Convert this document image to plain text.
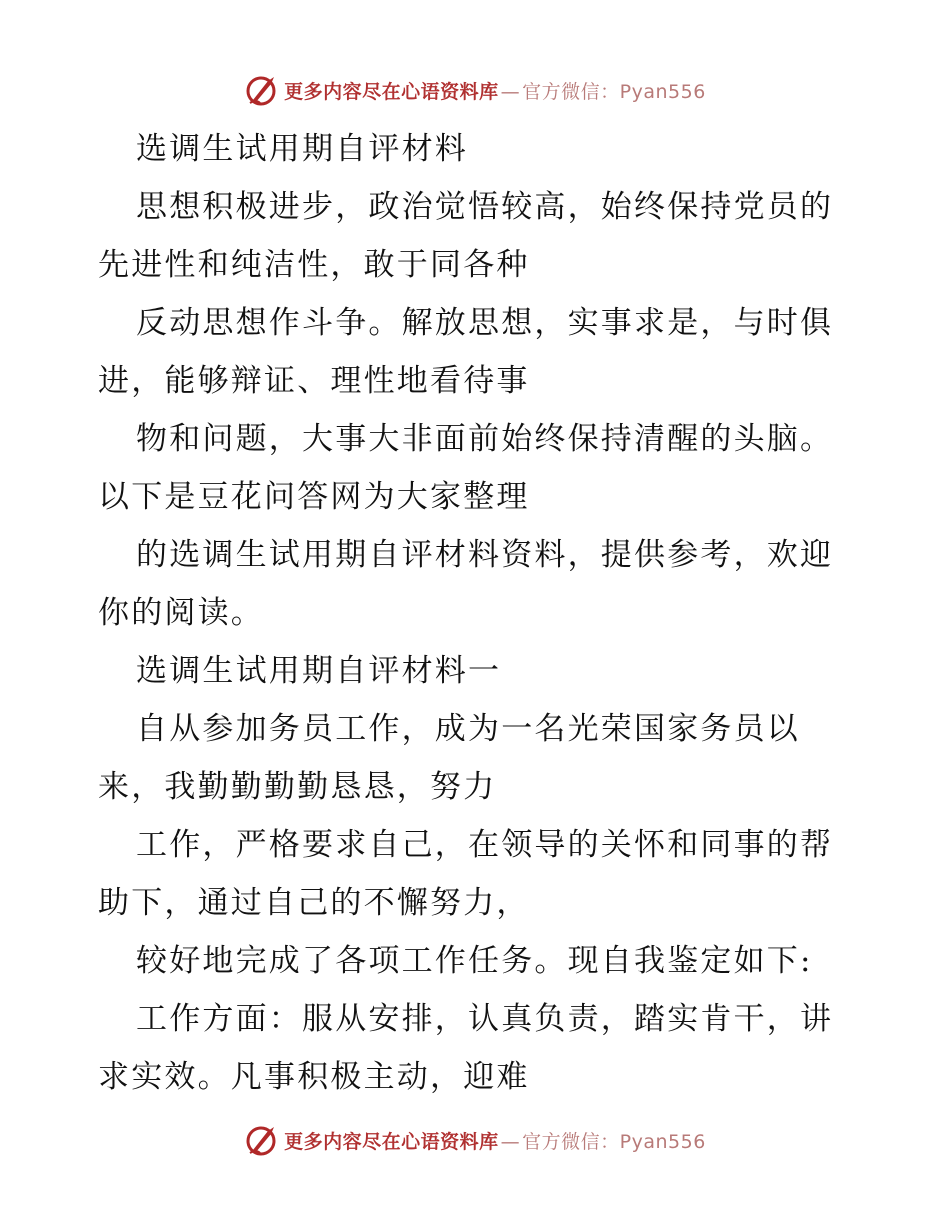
更多内容尽在心语资料库 — 官方微信：Pyan556
选调生试用期自评材料
思想积极进步，政治觉悟较高，始终保持党员的
先进性和纯洁性，敢于同各种
反动思想作斗争。解放思想，实事求是，与时俱
进，能够辩证、理性地看待事
物和问题，大事大非面前始终保持清醒的头脑。
以下是豆花问答网为大家整理
的选调生试用期自评材料资料，提供参考，欢迎
你的阅读。
选调生试用期自评材料一
自从参加务员工作，成为一名光荣国家务员以
来，我勤勤勤勤恳恳，努力
工作，严格要求自己，在领导的关怀和同事的帮
助下，通过自己的不懈努力，
较好地完成了各项工作任务。现自我鉴定如下:
工作方面：服从安排，认真负责，踏实肯干，讲
求实效。凡事积极主动，迎难
更多内容尽在心语资料库 — 官方微信：Pyan556
